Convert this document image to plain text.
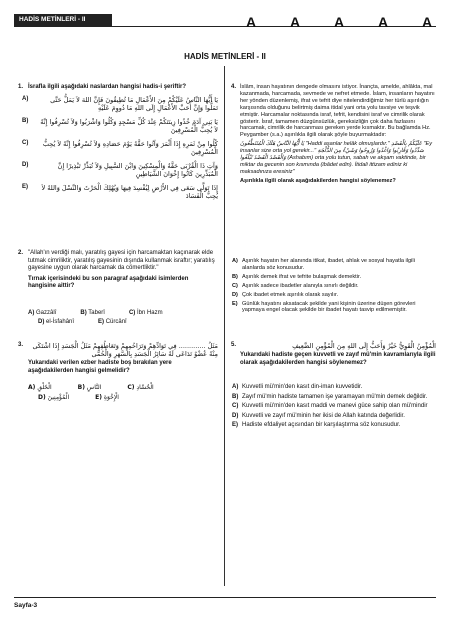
HADİS METİNLERİ - II	A A A A A
HADİS METİNLERİ - II
1. İsrafla ilgili aşağıdaki naslardan hangisi hadis-i şeriftir?
A)	يَا أَيُّهَا النَّاسُ عَلَيْكُمْ مِنَ الأَعْمَالِ مَا تُطِيقُونَ فَإِنَّ اللهَ لاَ يَمَلُّ حَتَّى تَمَلُّوا وَإِنَّ أَحَبَّ الأَعْمَالِ إِلَى اللهِ مَا دُووِمَ عَلَيْهِ
B)	يَا بَنِي آدَمَ خُذُوا زِينَتَكُمْ عِنْدَ كُلِّ مَسْجِدٍ وَكُلُوا وَاشْرَبُوا وَلاَ تُسْرِفُوا إِنَّهُ لاَ يُحِبُّ الْمُسْرِفِينَ
C)	كُلُوا مِنْ ثَمَرِهِ إِذَا أَثْمَرَ وَآتُوا حَقَّهُ يَوْمَ حَصَادِهِ وَلاَ تُسْرِفُوا إِنَّهُ لاَ يُحِبُّ الْمُسْرِفِينَ
D)	وَآتِ ذَا الْقُرْبَى حَقَّهُ وَالْمِسْكِينَ وَابْنَ السَّبِيلِ وَلاَ تُبَذِّرْ تَبْذِيرًا إِنَّ الْمُبَذِّرِينَ كَانُوا إِخْوَانَ الشَّيَاطِينِ
E)	إِذَا تَوَلَّى سَعَى فِي الأَرْضِ لِيُفْسِدَ فِيهَا وَيُهْلِكَ الْحَرْثَ وَالنَّسْلَ وَاللهُ لاَ يُحِبُّ الْفَسَادَ
2. "Allah'ın verdiği malı, yaratılış gayesi için harcamaktan kaçınarak elde tutmak cimriliktir, yaratılış gayesinin dışında kullanmak israftır; yaratılış gayesine uygun olarak harcamak da cömertliktir."
Tırnak içerisindeki bu son paragraf aşağıdaki isimlerden hangisine aittir?
A) Gazzâlî	B) Taberî	C) İbn Hazm
D) el-İsfahânî	E) Cürcânî
3.	مَثَلُ ............. فِي تَوَادِّهِمْ وَتَرَاحُمِهِمْ وَتَعَاطُفِهِمْ مَثَلُ الْجَسَدِ إِذَا اشْتَكَى مِنْهُ عُضْوٌ تَدَاعَى لَهُ سَائِرُ الْجَسَدِ بِالسَّهَرِ وَالْحُمَّى
Yukarıdaki verilen ezber hadiste boş bırakılan yere aşağıdakilerden hangisi gelmelidir?
A) الْخَلْقِ	B) النَّاسِ	C) الْحُسَّادِ
D) الْمُؤْمِنِينَ	E) الْإِخْوَةِ
4. İslâm, insan hayatının dengede olmasını istiyor. İnançta, amelde, ahlâkta, mal kazanmada, harcamada, sevmede ve nefret etmede. İslam, insanların hayatını her yönden düzenlemiş, ifrat ve tefrit diye nitelendirdiğimiz her türlü aşırılığın karşısında olduğunu belirtmiş daima itidal yani orta yolu tavsiye ve teşvik etmiştir. Harcamalar noktasında israf, tefrit, kendisini israf ve cimrilik olarak gösterir. İsraf, tamamen düzgünsüzlük, gereksizliğin çok daha fazlasını harcamak, cimrilik de harcanması gereken yerde kısmaktır. Bu bağlamda Hz. Peygamber (s.a.) aşırılıkla ilgili olarak şöyle buyurmaktadır:
يَا أَيُّهَا النَّاسُ هَلَكَ الْمُتَنَطِّعُونَ "Haddi aşanlar helâk olmuşlardır." عَلَيْكُمْ بِالْقَصْدِ "Ey insanlar size orta yol gerekir..." سَدِّدُوا وَقَارِبُوا وَاغْدُوا وَرُوحُوا وَشَيْءٌ مِنَ الدُّلْجَةِ وَالْقَصْدَ الْقَصْدَ تَبْلُغُوا (Ashabım) orta yolu tutun, sabah ve akşam vaktinde, bir miktar da gecenin son kısmında (ibâdet edin). İtidali ittizam ediniz ki maksadınıza eresiniz"
Aşırılıkla ilgili olarak aşağıdakilerden hangisi söylenemez?
A) Aşırılık hayatın her alanında itikat, ibadet, ahlak ve sosyal hayatla ilgili alanlarda söz konusudur.
B) Aşırılık demek ifrat ve tefrite bulaşmak demektir.
C) Aşırılık sadece ibadetler alanıyla sınırlı değildir.
D) Çok ibadet etmek aşırılık olarak sayılır.
E) Günlük hayatını aksatacak şekilde yani kişinin üzerine düşen görevleri yapmaya engel olacak şekilde bir ibadet hayatı tasvip edilmemiştir.
5.	الْمُؤْمِنُ الْقَوِيُّ خَيْرٌ وَأَحَبُّ إِلَى اللهِ مِنَ الْمُؤْمِنِ الضَّعِيفِ
Yukarıdaki hadiste geçen kuvvetli ve zayıf mü'min kavramlarıyla ilgili olarak aşağıdakilerden hangisi söylenemez?
A) Kuvvetli mü'min'den kasıt din-iman kuvvetidir.
B) Zayıf mü'min hadiste tamamen işe yaramayan mü'min demek değildir.
C) Kuvvetli mü'min'den kasıt maddi ve manevi güce sahip olan mü'mindir
D) Kuvvetli ve zayıf mü'minin her ikisi de Allah katında değerlidir.
E) Hadiste efdaliyet açısından bir karşılaştırma söz konusudur.
Sayfa-3
